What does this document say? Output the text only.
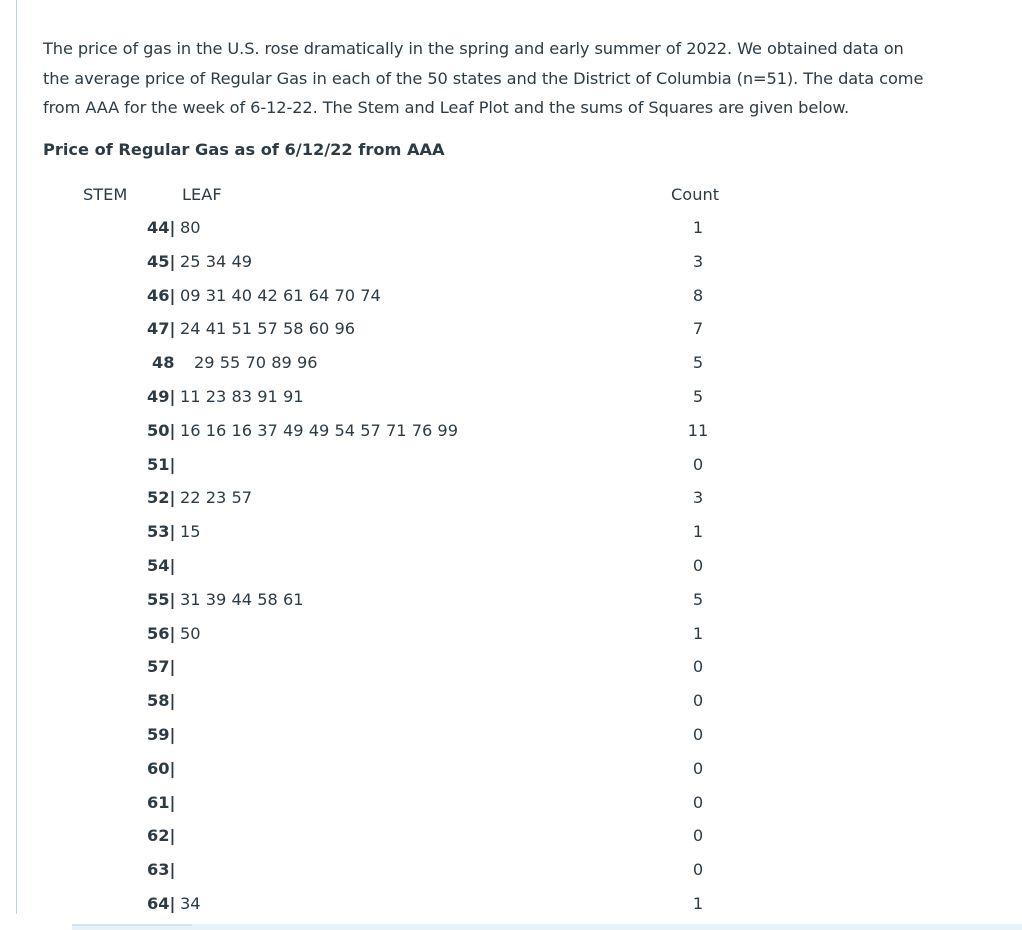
The price of gas in the U.S. rose dramatically in the spring and early summer of 2022. We obtained data on
the average price of Regular Gas in each of the 50 states and the District of Columbia (n=51). The data come
from AAA for the week of 6-12-22. The Stem and Leaf Plot and the sums of Squares are given below.

Price of Regular Gas as of 6/12/22 from AAA

STEM	LEAF	Count
44| 80	1
45| 25 34 49	3
46| 09 31 40 42 61 64 70 74	8
47| 24 41 51 57 58 60 96	7
48 29 55 70 89 96	5
49| 11 23 83 91 91	5
50| 16 16 16 37 49 49 54 57 71 76 99	11
51|	0
52| 22 23 57	3
53| 15	1
54|	0
55| 31 39 44 58 61	5
56| 50	1
57|	0
58|	0
59|	0
60|	0
61|	0
62|	0
63|	0
64| 34	1
